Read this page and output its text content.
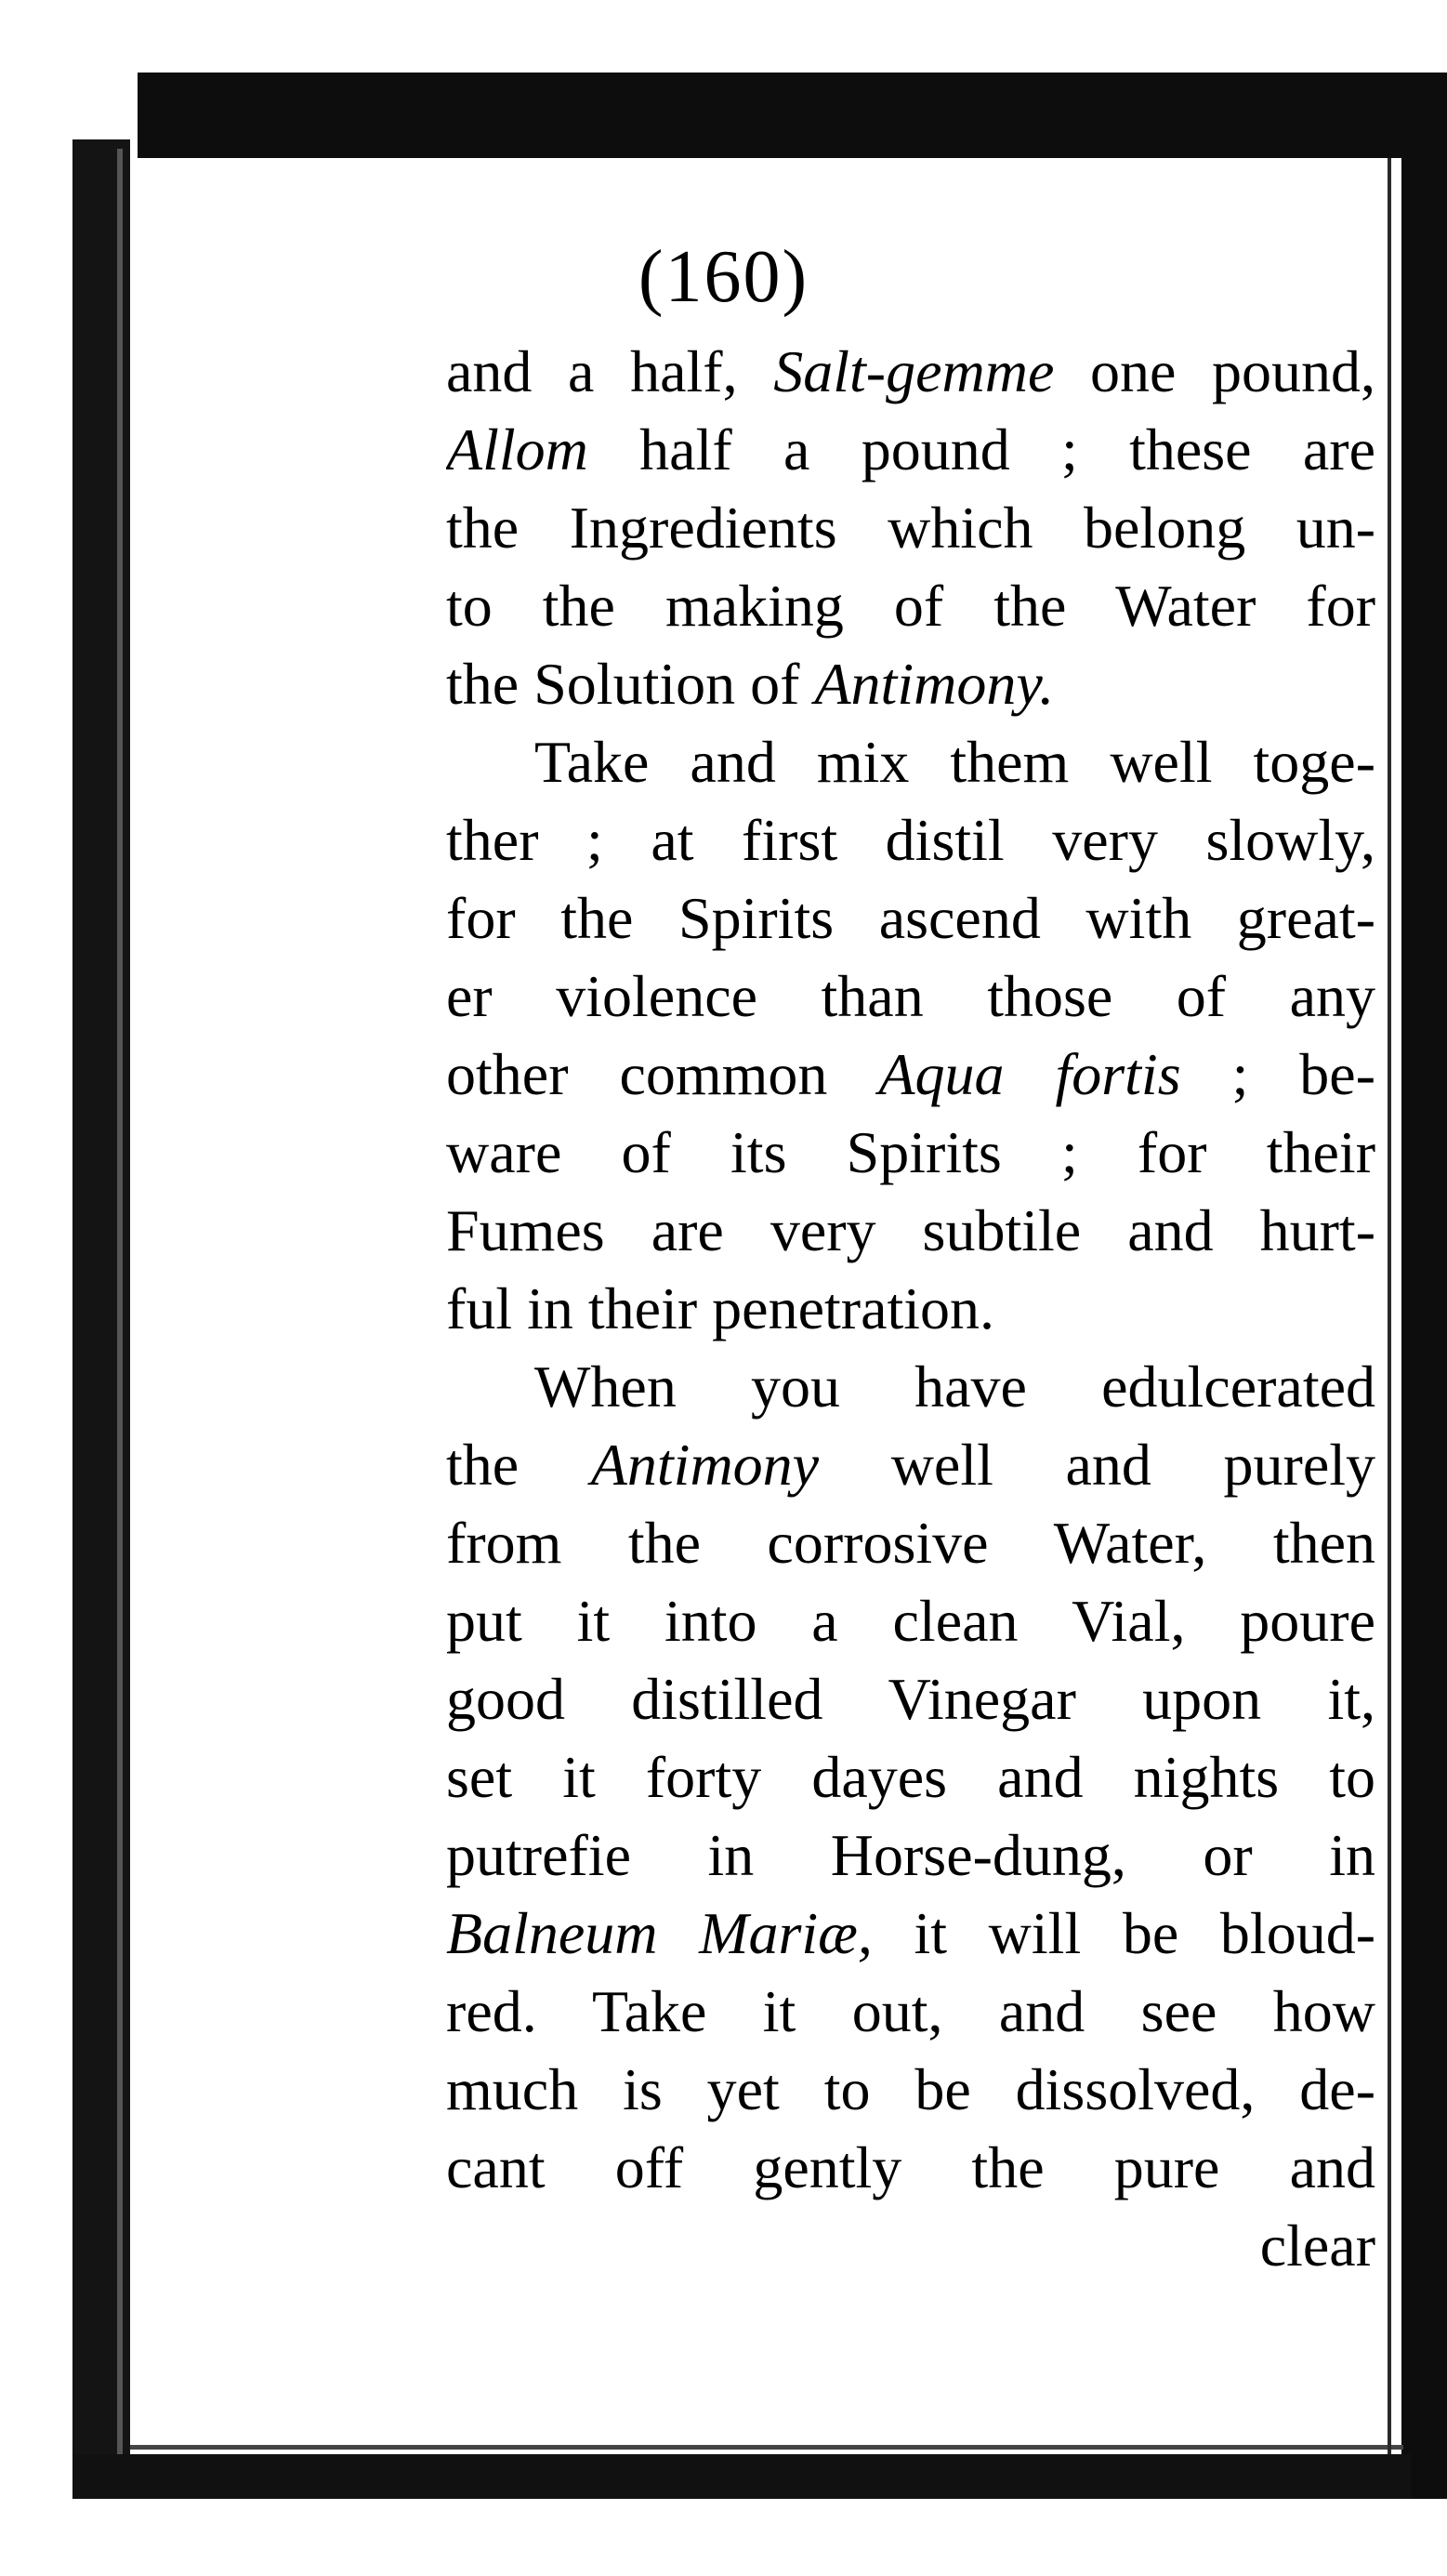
(160)
and a half, Salt-gemme one pound,
Allom half a pound ; these are
the Ingredients which belong un-
to the making of the Water for
the Solution of Antimony.
Take and mix them well toge-
ther ; at first distil very slowly,
for the Spirits ascend with great-
er violence than those of any
other common Aqua fortis ; be-
ware of its Spirits ; for their
Fumes are very subtile and hurt-
ful in their penetration.
When you have edulcerated
the Antimony well and purely
from the corrosive Water, then
put it into a clean Vial, poure
good distilled Vinegar upon it,
set it forty dayes and nights to
putrefie in Horse-dung, or in
Balneum Mariæ, it will be bloud-
red. Take it out, and see how
much is yet to be dissolved, de-
cant off gently the pure and
clear
